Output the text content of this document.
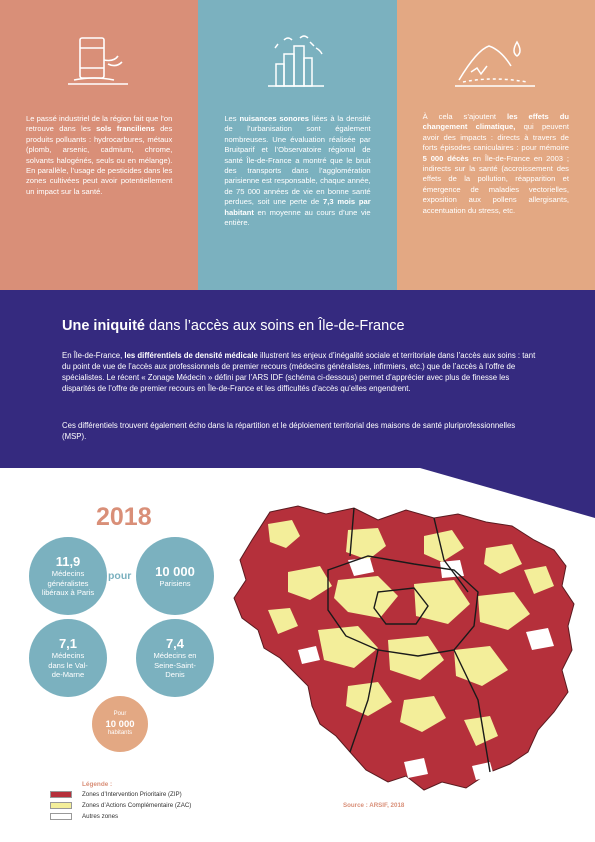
Le passé industriel de la région fait que l’on retrouve dans les sols franciliens des produits polluants : hydrocarbures, métaux (plomb, arsenic, cadmium, chrome, solvants halogénés, seuls ou en mélange). En parallèle, l’usage de pesticides dans les zones cultivées peut avoir potentiellement un impact sur la santé.
Les nuisances sonores liées à la densité de l’urbanisation sont également nombreuses. Une évaluation réalisée par Bruitparif et l’Observatoire régional de santé Île-de-France a montré que le bruit des transports dans l’agglomération parisienne est responsable, chaque année, de 75 000 années de vie en bonne santé perdues, soit une perte de 7,3 mois par habitant en moyenne au cours d’une vie entière.
À cela s’ajoutent les effets du changement climatique, qui peuvent avoir des impacts : directs à travers de forts épisodes caniculaires : pour mémoire 5 000 décès en Île-de-France en 2003 ; indirects sur la santé (accroissement des effets de la pollution, réapparition et émergence de maladies vectorielles, exposition aux pollens allergisants, accentuation du stress, etc.
Une iniquité dans l’accès aux soins en Île-de-France
En Île-de-France, les différentiels de densité médicale illustrent les enjeux d’inégalité sociale et territoriale dans l’accès aux soins : tant du point de vue de l’accès aux professionnels de premier recours (médecins généralistes, infirmiers, etc.) que de l’accès à l’offre de spécialistes. Le récent « Zonage Médecin » défini par l’ARS IDF (schéma ci-dessous) permet d’apprécier avec plus de finesse les disparités de l’offre de premier recours en Île-de-France et les difficultés d’accès qu’elles engendrent.
Ces différentiels trouvent également écho dans la répartition et le déploiement territorial des maisons de santé pluriprofessionnelles (MSP).
2018
11,9
Médecins généralistes libéraux à Paris
pour 10 000
Parisiens
7,1
Médecins dans le Val-de-Marne
7,4
Médecins en Seine-Saint-Denis
Pour
10 000
habitants
Légende :
Zones d’Intervention Prioritaire (ZIP)
Zones d’Actions Complémentaire (ZAC)
Autres zones
Source : ARSIF, 2018
